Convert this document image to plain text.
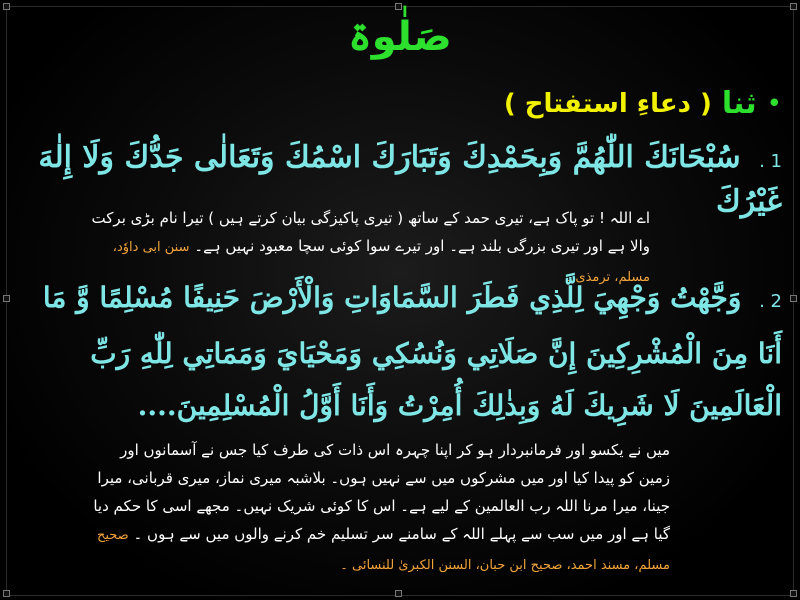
صَلٰوۃ
•
ثنا
( دعاءِ استفتاح )
1 . سُبْحَانَكَ اللّٰهُمَّ وَبِحَمْدِكَ وَتَبَارَكَ اسْمُكَ وَتَعَالٰى جَدُّكَ وَلَا إِلٰهَ غَيْرُكَ
اے اللہ ! تو پاک ہے، تیری حمد کے ساتھ ( تیری پاکیزگی بیان کرتے ہیں ) تیرا نام بڑی برکت والا ہے اور تیری بزرگی بلند ہے۔ اور تیرے سوا کوئی سچا معبود نہیں ہے۔ سنن ابی داوٗد، مسلم، ترمذی ۔
2 . وَجَّهْتُ وَجْهِيَ لِلَّذِي فَطَرَ السَّمَاوَاتِ وَالْأَرْضَ حَنِيفًا مُسْلِمًا وَّ مَا أَنَا مِنَ الْمُشْرِكِينَ إِنَّ صَلَاتِي وَنُسُكِي وَمَحْيَايَ وَمَمَاتِي لِلّٰهِ رَبِّ الْعَالَمِينَ لَا شَرِيكَ لَهُ وَبِذٰلِكَ أُمِرْتُ وَأَنَا أَوَّلُ الْمُسْلِمِينَ....
میں نے یکسو اور فرمانبردار ہو کر اپنا چہرہ اس ذات کی طرف کیا جس نے آسمانوں اور زمین کو پیدا کیا اور میں مشرکوں میں سے نہیں ہوں۔ بلاشبہ میری نماز، میری قربانی، میرا جینا، میرا مرنا اللہ رب العالمین کے لیے ہے۔ اس کا کوئی شریک نہیں۔ مجھے اسی کا حکم دیا گیا ہے اور میں سب سے پہلے اللہ کے سامنے سر تسلیم خم کرنے والوں میں سے ہوں ۔ صحیح مسلم، مسند احمد، صحیح ابن حبان، السنن الکبریٰ للنسائی ۔
